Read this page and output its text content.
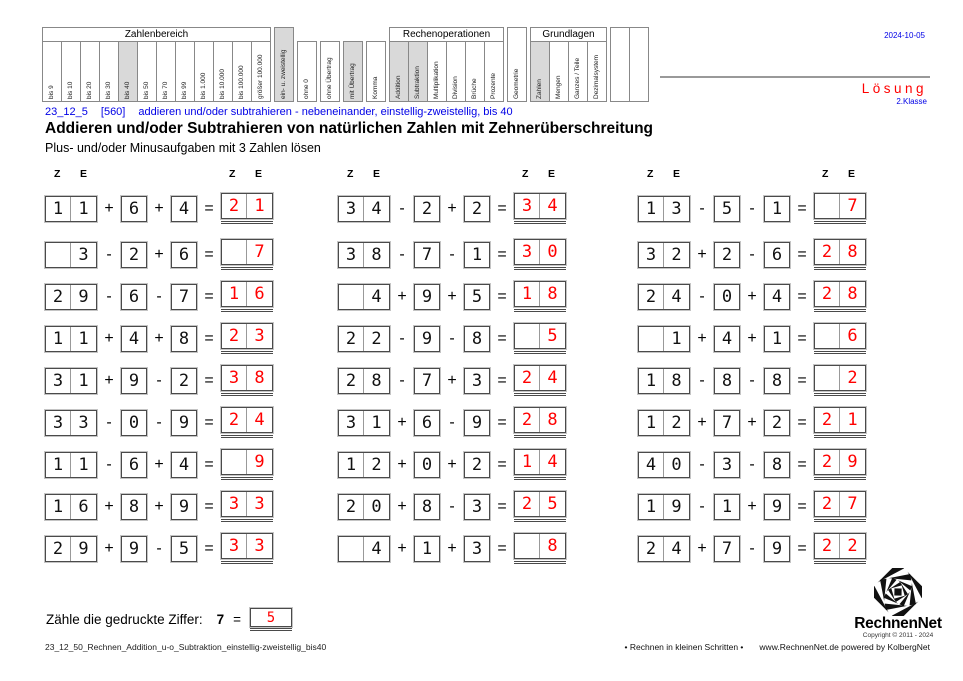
Zahlenbereich
bis 9 bis 10 bis 20 bis 30 bis 40 bis 50 bis 70 bis 99 bis 1.000 bis 10.000 bis 100.000 größer 100.000 ein- u. zweistellig ohne 0 ohne Übertrag mit Übertrag Komma
Rechenoperationen
Addition Subtraktion Multiplikation Division Brüche Prozente Geometrie
Grundlagen
Zahlen Mengen Ganzes / Teile Dezimalsystem
2024-10-05
Lösung
2.Klasse
23_12_5 [560] addieren und/oder subtrahieren - nebeneinander, einstellig-zweistellig, bis 40
Addieren und/oder Subtrahieren von natürlichen Zahlen mit Zehnerüberschreitung
Plus- und/oder Minusaufgaben mit 3 Zahlen lösen
Z E	Z E
1 1 + 6 + 4 = 2 1
3	-	2 + 6 =	7
2 9	-	6	-	7 = 1 6
1 1 + 4 + 8 = 2 3
3 1 + 9	-	2 = 3 8
3 3	-	0	-	9 = 2 4
1 1	-	6 + 4 =	9
1 6 + 8 + 9 = 3 3
2 9 + 9	-	5 = 3 3
Z E	Z E
3 4	-	2 + 2 = 3 4
3 8	-	7	-	1 = 3 0
4 + 9 + 5 = 1 8
2 2	-	9	-	8 =	5
2 8	-	7 + 3 = 2 4
3 1 + 6	-	9 = 2 8
1 2 + 0 + 2 = 1 4
2 0 + 8	-	3 = 2 5
4 + 1 + 3 =	8
Z E	Z E
1 3	-	5	-	1 =	7
3 2 + 2	-	6 = 2 8
2 4	-	0 + 4 = 2 8
1 + 4 + 1 =	6
1 8	-	8	-	8 =	2
1 2 + 7 + 2 = 2 1
4 0	-	3	-	8 = 2 9
1 9	-	1 + 9 = 2 7
2 4 + 7	-	9 = 2 2
Zähle die gedruckte Ziffer: 7 = 5
23_12_50_Rechnen_Addition_u-o_Subtraktion_einstellig-zweistellig_bis40	• Rechnen in kleinen Schritten • www.RechnenNet.de powered by KolbergNet
RechnenNet
Copyright © 2011 - 2024
